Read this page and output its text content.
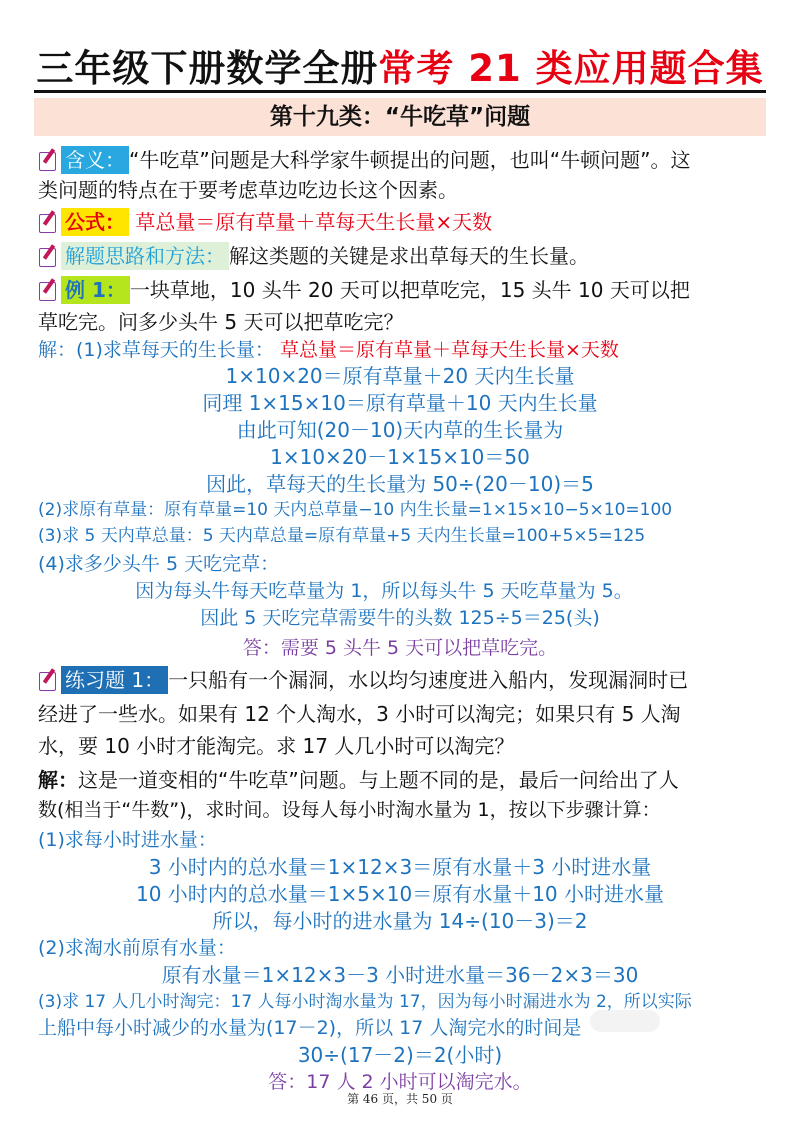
三年级下册数学全册常考 21 类应用题合集
第十九类：“牛吃草”问题
含义： “牛吃草”问题是大科学家牛顿提出的问题，也叫“牛顿问题”。这
类问题的特点在于要考虑草边吃边长这个因素。
公式： 草总量＝原有草量＋草每天生长量×天数
解题思路和方法： 解这类题的关键是求出草每天的生长量。
例 1： 一块草地，10 头牛 20 天可以把草吃完，15 头牛 10 天可以把
草吃完。问多少头牛 5 天可以把草吃完？
解：(1)求草每天的生长量： 草总量＝原有草量＋草每天生长量×天数
1×10×20＝原有草量＋20 天内生长量
同理 1×15×10＝原有草量＋10 天内生长量
由此可知(20－10)天内草的生长量为
1×10×20－1×15×10＝50
因此，草每天的生长量为 50÷(20－10)＝5
(2)求原有草量：原有草量=10 天内总草量−10 内生长量=1×15×10−5×10=100
(3)求 5 天内草总量：5 天内草总量=原有草量+5 天内生长量=100+5×5=125
(4)求多少头牛 5 天吃完草：
因为每头牛每天吃草量为 1，所以每头牛 5 天吃草量为 5。
因此 5 天吃完草需要牛的头数 125÷5＝25(头)
答：需要 5 头牛 5 天可以把草吃完。
练习题 1： 一只船有一个漏洞，水以均匀速度进入船内，发现漏洞时已
经进了一些水。如果有 12 个人淘水，3 小时可以淘完；如果只有 5 人淘
水，要 10 小时才能淘完。求 17 人几小时可以淘完？
解：这是一道变相的“牛吃草”问题。与上题不同的是，最后一问给出了人
数(相当于“牛数”)，求时间。设每人每小时淘水量为 1，按以下步骤计算：
(1)求每小时进水量：
3 小时内的总水量＝1×12×3＝原有水量＋3 小时进水量
10 小时内的总水量＝1×5×10＝原有水量＋10 小时进水量
所以，每小时的进水量为 14÷(10－3)＝2
(2)求淘水前原有水量：
原有水量＝1×12×3－3 小时进水量＝36－2×3＝30
(3)求 17 人几小时淘完：17 人每小时淘水量为 17，因为每小时漏进水为 2，所以实际
上船中每小时减少的水量为(17－2)，所以 17 人淘完水的时间是
30÷(17－2)＝2(小时)
答：17 人 2 小时可以淘完水。
第 46 页，共 50 页
